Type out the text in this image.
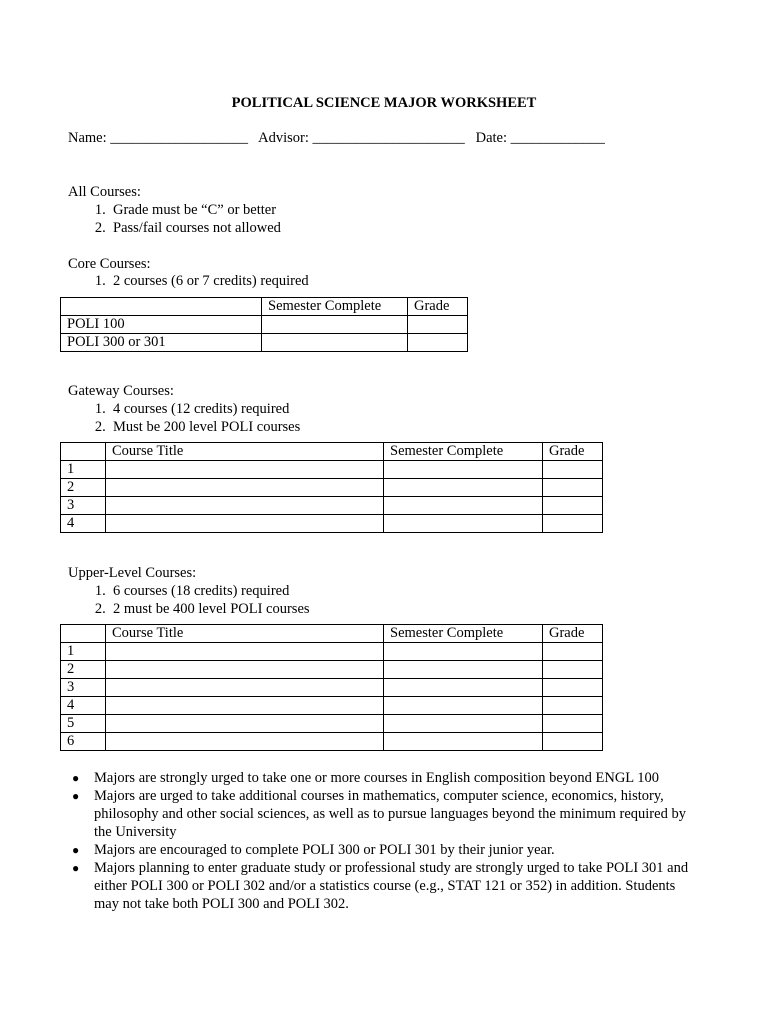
POLITICAL SCIENCE MAJOR WORKSHEET
Name: ___________________ Advisor: _____________________ Date: _____________
All Courses:
1.  Grade must be “C” or better
2.  Pass/fail courses not allowed
Core Courses:
1.  2 courses (6 or 7 credits) required
	Semester Complete	Grade
POLI 100		
POLI 300 or 301		
Gateway Courses:
1.  4 courses (12 credits) required
2.  Must be 200 level POLI courses
	Course Title	Semester Complete	Grade
1			
2			
3			
4			
Upper-Level Courses:
1.  6 courses (18 credits) required
2.  2 must be 400 level POLI courses
	Course Title	Semester Complete	Grade
1			
2			
3			
4			
5			
6			
● Majors are strongly urged to take one or more courses in English composition beyond ENGL 100
● Majors are urged to take additional courses in mathematics, computer science, economics, history, philosophy and other social sciences, as well as to pursue languages beyond the minimum required by the University
● Majors are encouraged to complete POLI 300 or POLI 301 by their junior year.
● Majors planning to enter graduate study or professional study are strongly urged to take POLI 301 and either POLI 300 or POLI 302 and/or a statistics course (e.g., STAT 121 or 352) in addition. Students may not take both POLI 300 and POLI 302.
